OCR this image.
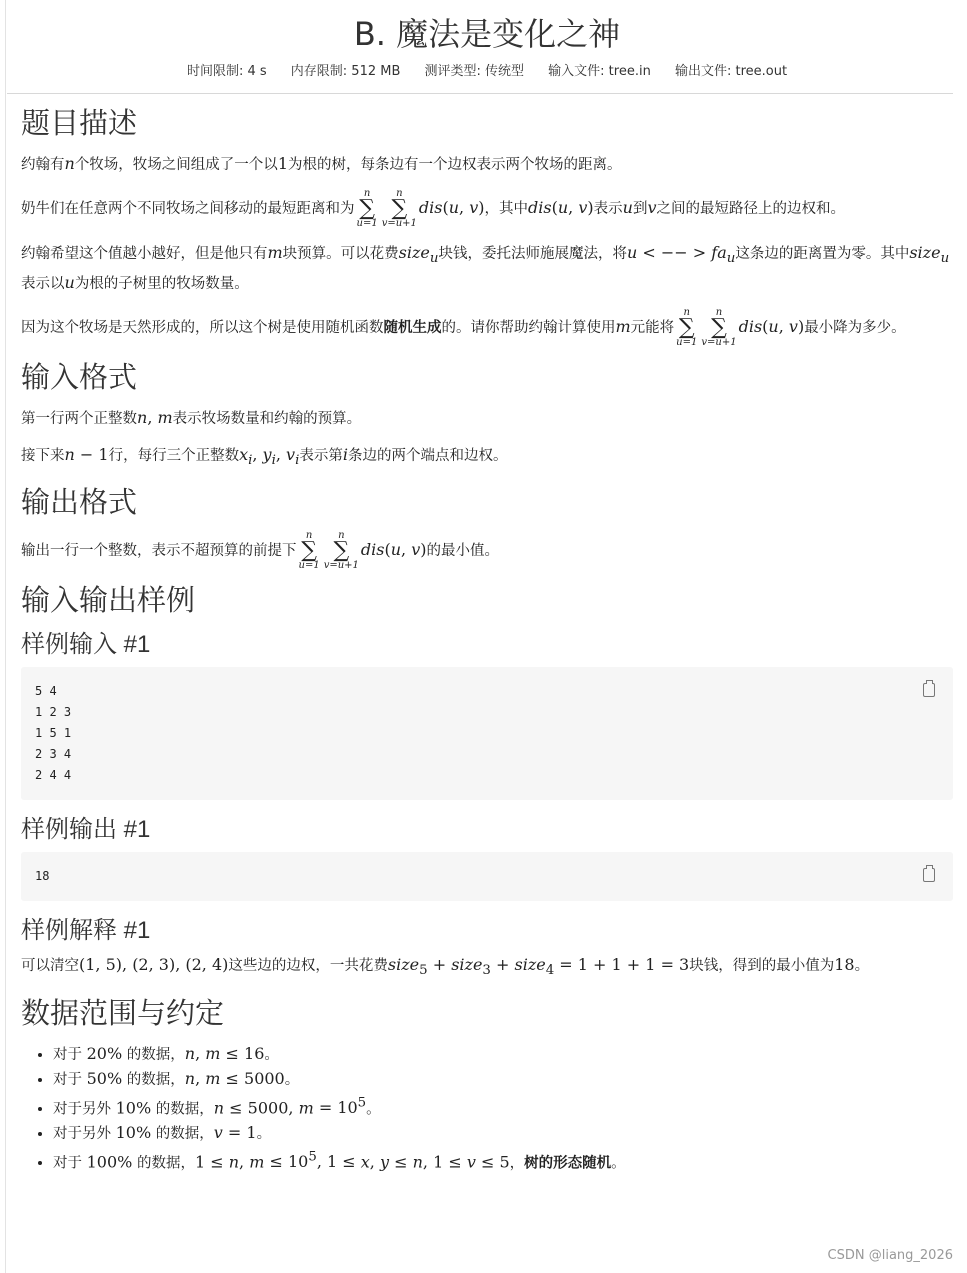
B. 魔法是变化之神
时间限制: 4 s 内存限制: 512 MB 测评类型: 传统型 输入文件: tree.in 输出文件: tree.out
题目描述

约翰有n个牧场，牧场之间组成了一个以1为根的树，每条边有一个边权表示两个牧场的距离。

奶牛们在任意两个不同牧场之间移动的最短距离和为
n
∑
u=1
n
∑
v=u+1
dis(u, v)，其中dis(u, v)表示u到v之间的最短路径上的边权和。

约翰希望这个值越小越好，但是他只有m块预算。可以花费size$_u$块钱，委托法师施展魔法，将u < −− > $fa_u$这条边的距离置为零。其中size$_u$表示以u为根的子树里的牧场数量。

因为这个牧场是天然形成的，所以这个树是使用随机函数随机生成的。请你帮助约翰计算使用m元能将
n
∑
u=1
n
∑
v=u+1
dis(u, v)最小降为多少。

输入格式

第一行两个正整数n, m表示牧场数量和约翰的预算。

接下来n − 1行，每行三个正整数$x_i$, $y_i$, $v_i$表示第i条边的两个端点和边权。

输出格式

输出一行一个整数，表示不超预算的前提下
n
∑
u=1
n
∑
v=u+1
dis(u, v)的最小值。

输入输出样例
样例输入 #1
5 4
1 2 3
1 5 1
2 3 4
2 4 4
样例输出 #1
18
样例解释 #1

可以清空(1, 5), (2, 3), (2, 4)这些边的边权，一共花费size$_5$ + size$_3$ + size$_4$ = 1 + 1 + 1 = 3块钱，得到的最小值为18。

数据范围与约定
• 对于 20% 的数据，n, m ≤ 16。
• 对于 50% 的数据，n, m ≤ 5000。
• 对于另外 10% 的数据，n ≤ 5000, $m = 10^5$。
• 对于另外 10% 的数据，v = 1。
• 对于 100% 的数据，1 ≤ n, $m \le 10^5$, 1 ≤ x, y ≤ n, 1 ≤ v ≤ 5，树的形态随机。
CSDN @liang_2026
